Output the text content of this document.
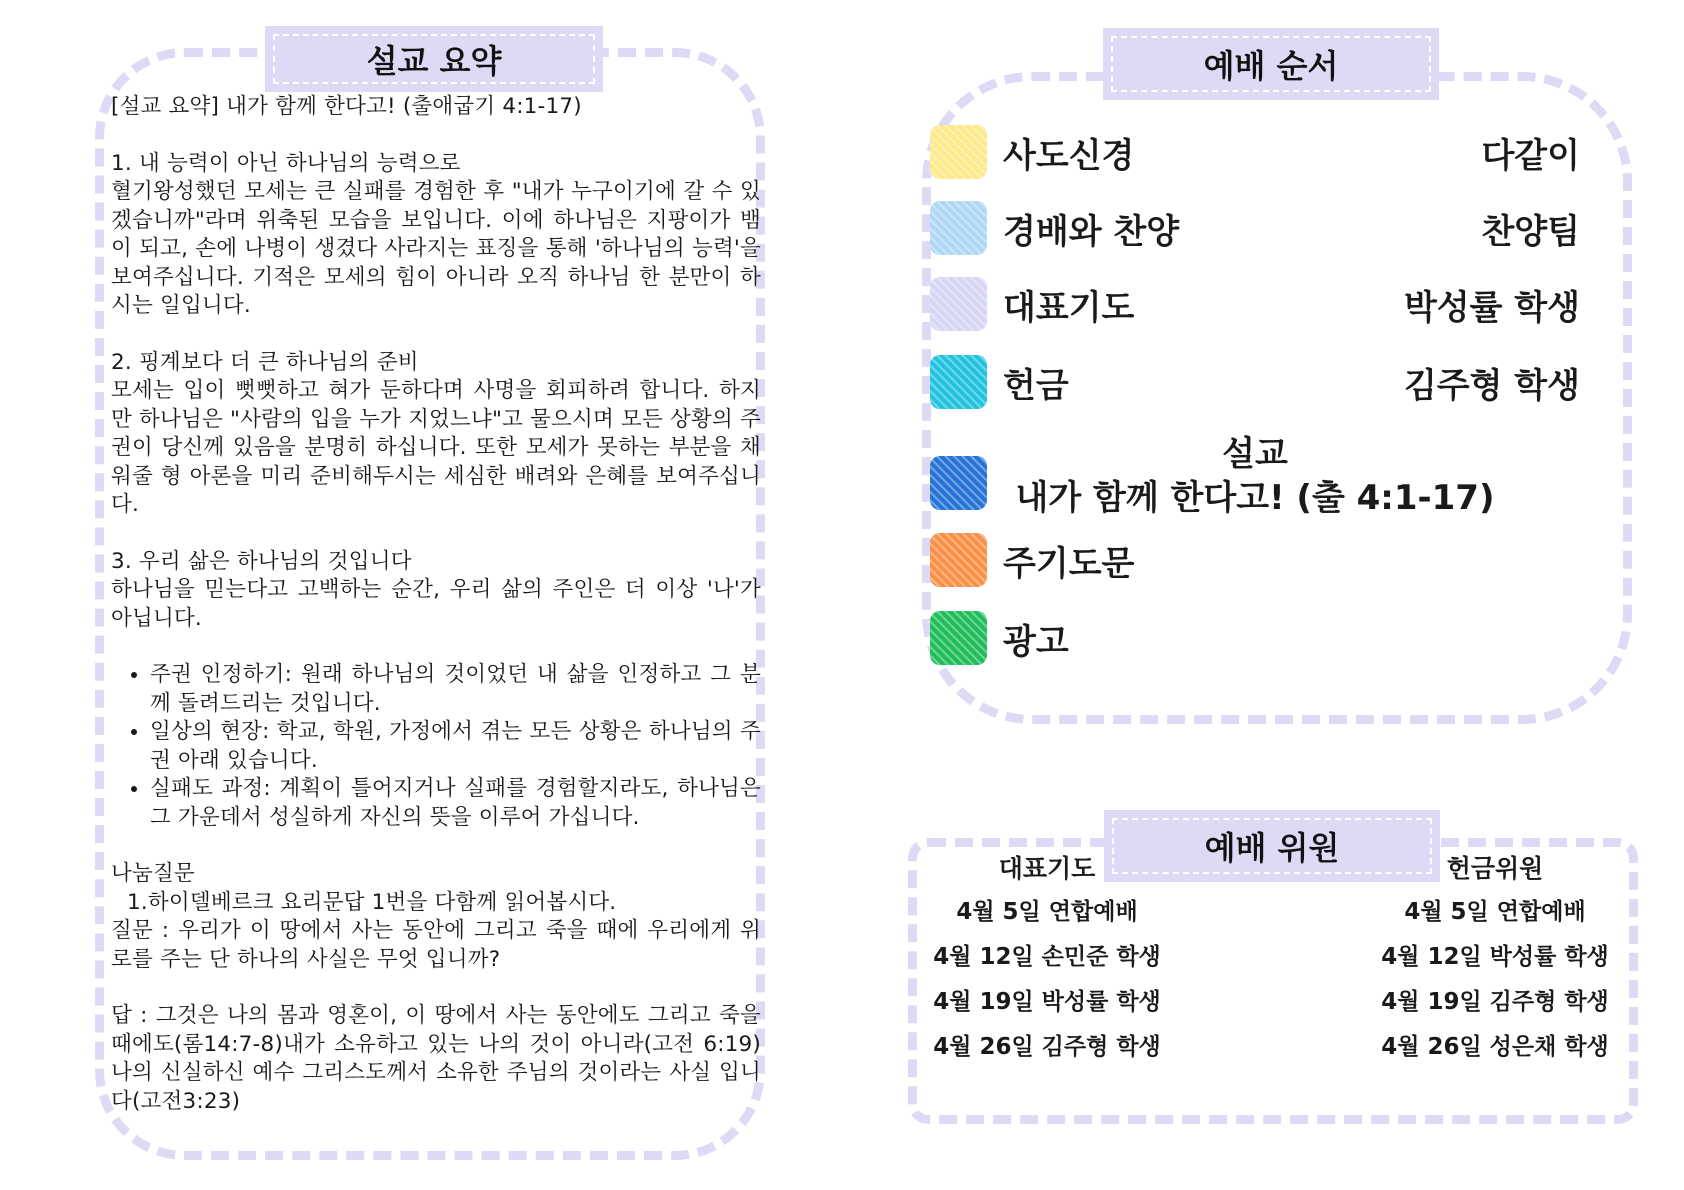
설교 요약

[설교 요약] 내가 함께 한다고! (출애굽기 4:1-17)

1. 내 능력이 아닌 하나님의 능력으로

혈기왕성했던 모세는 큰 실패를 경험한 후 "내가 누구이기에 갈 수 있겠습니까"라며 위축된 모습을 보입니다. 이에 하나님은 지팡이가 뱀이 되고, 손에 나병이 생겼다 사라지는 표징을 통해 '하나님의 능력'을 보여주십니다. 기적은 모세의 힘이 아니라 오직 하나님 한 분만이 하시는 일입니다.

2. 핑계보다 더 큰 하나님의 준비

모세는 입이 뻣뻣하고 혀가 둔하다며 사명을 회피하려 합니다. 하지만 하나님은 "사람의 입을 누가 지었느냐"고 물으시며 모든 상황의 주권이 당신께 있음을 분명히 하십니다. 또한 모세가 못하는 부분을 채워줄 형 아론을 미리 준비해두시는 세심한 배려와 은혜를 보여주십니다.

3. 우리 삶은 하나님의 것입니다

하나님을 믿는다고 고백하는 순간, 우리 삶의 주인은 더 이상 '나'가 아닙니다.

• 주권 인정하기: 원래 하나님의 것이었던 내 삶을 인정하고 그 분께 돌려드리는 것입니다.
• 일상의 현장: 학교, 학원, 가정에서 겪는 모든 상황은 하나님의 주권 아래 있습니다.
• 실패도 과정: 계획이 틀어지거나 실패를 경험할지라도, 하나님은 그 가운데서 성실하게 자신의 뜻을 이루어 가십니다.

나눔질문

1.하이델베르크 요리문답 1번을 다함께 읽어봅시다.

질문 : 우리가 이 땅에서 사는 동안에 그리고 죽을 때에 우리에게 위로를 주는 단 하나의 사실은 무엇 입니까?

답 : 그것은 나의 몸과 영혼이, 이 땅에서 사는 동안에도 그리고 죽을 때에도(롬14:7-8)내가 소유하고 있는 나의 것이 아니라(고전 6:19)나의 신실하신 예수 그리스도께서 소유한 주님의 것이라는 사실 입니다(고전3:23)

예배 순서
사도신경	다같이
경배와 찬양	찬양팀
대표기도	박성률 학생
헌금	김주형 학생
설교
내가 함께 한다고! (출 4:1-17)
주기도문
광고
예배 위원
대표기도
4월 5일 연합예배
4월 12일 손민준 학생
4월 19일 박성률 학생
4월 26일 김주형 학생
헌금위원
4월 5일 연합예배
4월 12일 박성률 학생
4월 19일 김주형 학생
4월 26일 성은채 학생
